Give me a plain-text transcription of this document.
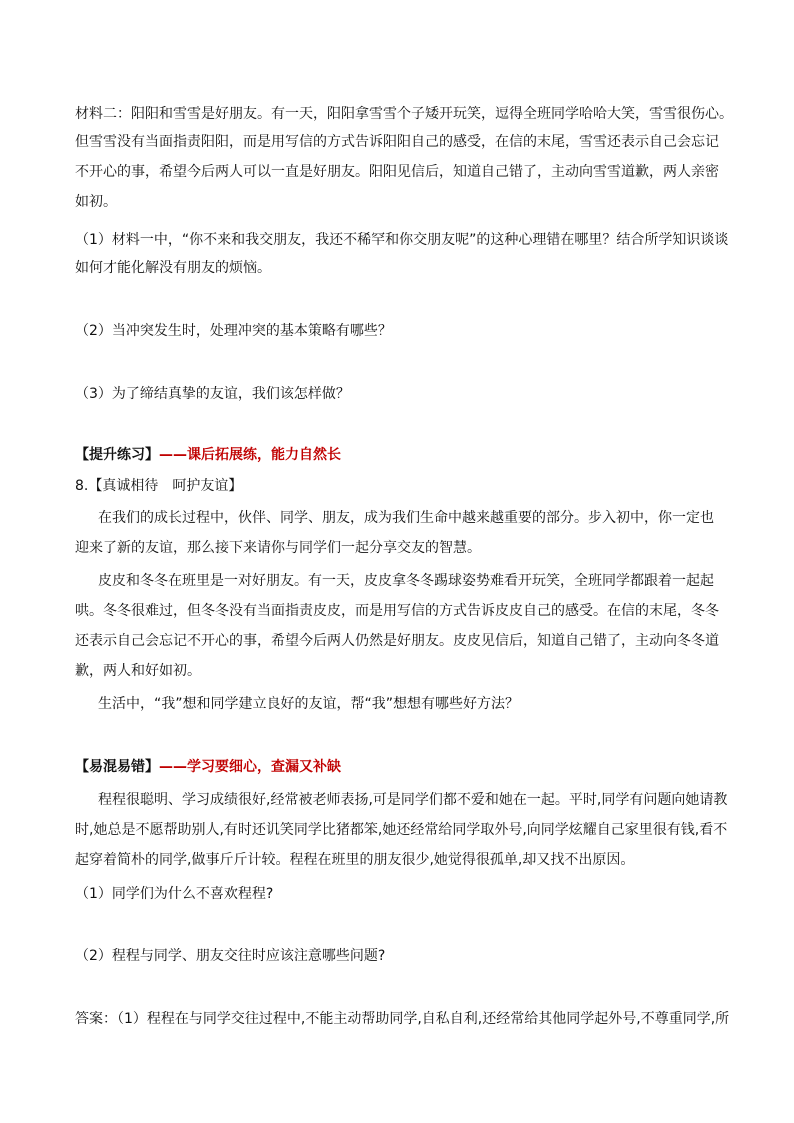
材料二：阳阳和雪雪是好朋友。有一天，阳阳拿雪雪个子矮开玩笑，逗得全班同学哈哈大笑，雪雪很伤心。
但雪雪没有当面指责阳阳，而是用写信的方式告诉阳阳自己的感受，在信的末尾，雪雪还表示自己会忘记
不开心的事，希望今后两人可以一直是好朋友。阳阳见信后，知道自己错了，主动向雪雪道歉，两人亲密
如初。
（1）材料一中，“你不来和我交朋友，我还不稀罕和你交朋友呢”的这种心理错在哪里？结合所学知识谈谈
如何才能化解没有朋友的烦恼。
（2）当冲突发生时，处理冲突的基本策略有哪些？
（3）为了缔结真挚的友谊，我们该怎样做？
【提升练习】——课后拓展练，能力自然长
8.【真诚相待　呵护友谊】
在我们的成长过程中，伙伴、同学、朋友，成为我们生命中越来越重要的部分。步入初中，你一定也
迎来了新的友谊，那么接下来请你与同学们一起分享交友的智慧。
皮皮和冬冬在班里是一对好朋友。有一天，皮皮拿冬冬踢球姿势难看开玩笑，全班同学都跟着一起起
哄。冬冬很难过，但冬冬没有当面指责皮皮，而是用写信的方式告诉皮皮自己的感受。在信的末尾，冬冬
还表示自己会忘记不开心的事，希望今后两人仍然是好朋友。皮皮见信后，知道自己错了，主动向冬冬道
歉，两人和好如初。
生活中，“我”想和同学建立良好的友谊，帮“我”想想有哪些好方法？
【易混易错】——学习要细心，查漏又补缺
程程很聪明、学习成绩很好,经常被老师表扬,可是同学们都不爱和她在一起。平时,同学有问题向她请教
时,她总是不愿帮助别人,有时还讥笑同学比猪都笨,她还经常给同学取外号,向同学炫耀自己家里很有钱,看不
起穿着简朴的同学,做事斤斤计较。程程在班里的朋友很少,她觉得很孤单,却又找不出原因。
（1）同学们为什么不喜欢程程?
（2）程程与同学、朋友交往时应该注意哪些问题?
答案：（1）程程在与同学交往过程中,不能主动帮助同学,自私自利,还经常给其他同学起外号,不尊重同学,所
